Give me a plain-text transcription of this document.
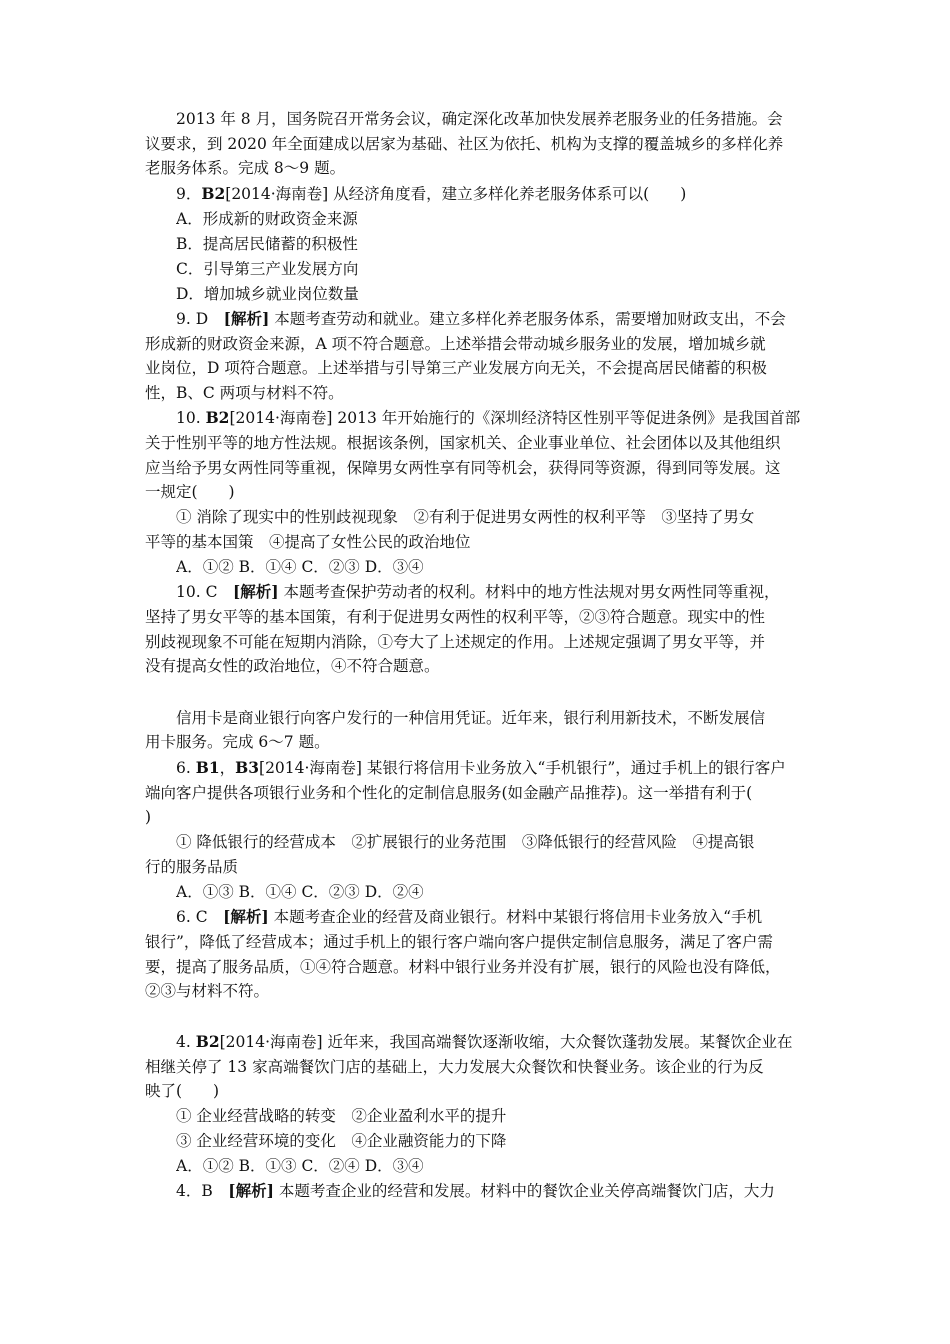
2013 年 8 月，国务院召开常务会议，确定深化改革加快发展养老服务业的任务措施。会
议要求，到 2020 年全面建成以居家为基础、社区为依托、机构为支撑的覆盖城乡的多样化养
老服务体系。完成 8～9 题。
9．B2[2014·海南卷] 从经济角度看，建立多样化养老服务体系可以(　　)
A．形成新的财政资金来源
B．提高居民储蓄的积极性
C．引导第三产业发展方向
D．增加城乡就业岗位数量
9. D　[解析] 本题考查劳动和就业。建立多样化养老服务体系，需要增加财政支出，不会
形成新的财政资金来源，A 项不符合题意。上述举措会带动城乡服务业的发展，增加城乡就
业岗位，D 项符合题意。上述举措与引导第三产业发展方向无关，不会提高居民储蓄的积极
性，B、C 两项与材料不符。
10. B2[2014·海南卷] 2013 年开始施行的《深圳经济特区性别平等促进条例》是我国首部
关于性别平等的地方性法规。根据该条例，国家机关、企业事业单位、社会团体以及其他组织
应当给予男女两性同等重视，保障男女两性享有同等机会，获得同等资源，得到同等发展。这
一规定(　　)
① 消除了现实中的性别歧视现象　②有利于促进男女两性的权利平等　③坚持了男女
平等的基本国策　④提高了女性公民的政治地位
A．①② B．①④ C．②③ D．③④
10. C　[解析] 本题考查保护劳动者的权利。材料中的地方性法规对男女两性同等重视，
坚持了男女平等的基本国策，有利于促进男女两性的权利平等，②③符合题意。现实中的性
别歧视现象不可能在短期内消除，①夸大了上述规定的作用。上述规定强调了男女平等，并
没有提高女性的政治地位，④不符合题意。
信用卡是商业银行向客户发行的一种信用凭证。近年来，银行利用新技术，不断发展信
用卡服务。完成 6～7 题。
6. B1，B3[2014·海南卷] 某银行将信用卡业务放入“手机银行”，通过手机上的银行客户
端向客户提供各项银行业务和个性化的定制信息服务(如金融产品推荐)。这一举措有利于(
)
① 降低银行的经营成本　②扩展银行的业务范围　③降低银行的经营风险　④提高银
行的服务品质
A．①③ B．①④ C．②③ D．②④
6. C　[解析] 本题考查企业的经营及商业银行。材料中某银行将信用卡业务放入“手机
银行”，降低了经营成本；通过手机上的银行客户端向客户提供定制信息服务，满足了客户需
要，提高了服务品质，①④符合题意。材料中银行业务并没有扩展，银行的风险也没有降低，
②③与材料不符。
4. B2[2014·海南卷] 近年来，我国高端餐饮逐渐收缩，大众餐饮蓬勃发展。某餐饮企业在
相继关停了 13 家高端餐饮门店的基础上，大力发展大众餐饮和快餐业务。该企业的行为反
映了(　　)
① 企业经营战略的转变　②企业盈利水平的提升
③ 企业经营环境的变化　④企业融资能力的下降
A．①② B．①③ C．②④ D．③④
4．B　[解析] 本题考查企业的经营和发展。材料中的餐饮企业关停高端餐饮门店，大力
